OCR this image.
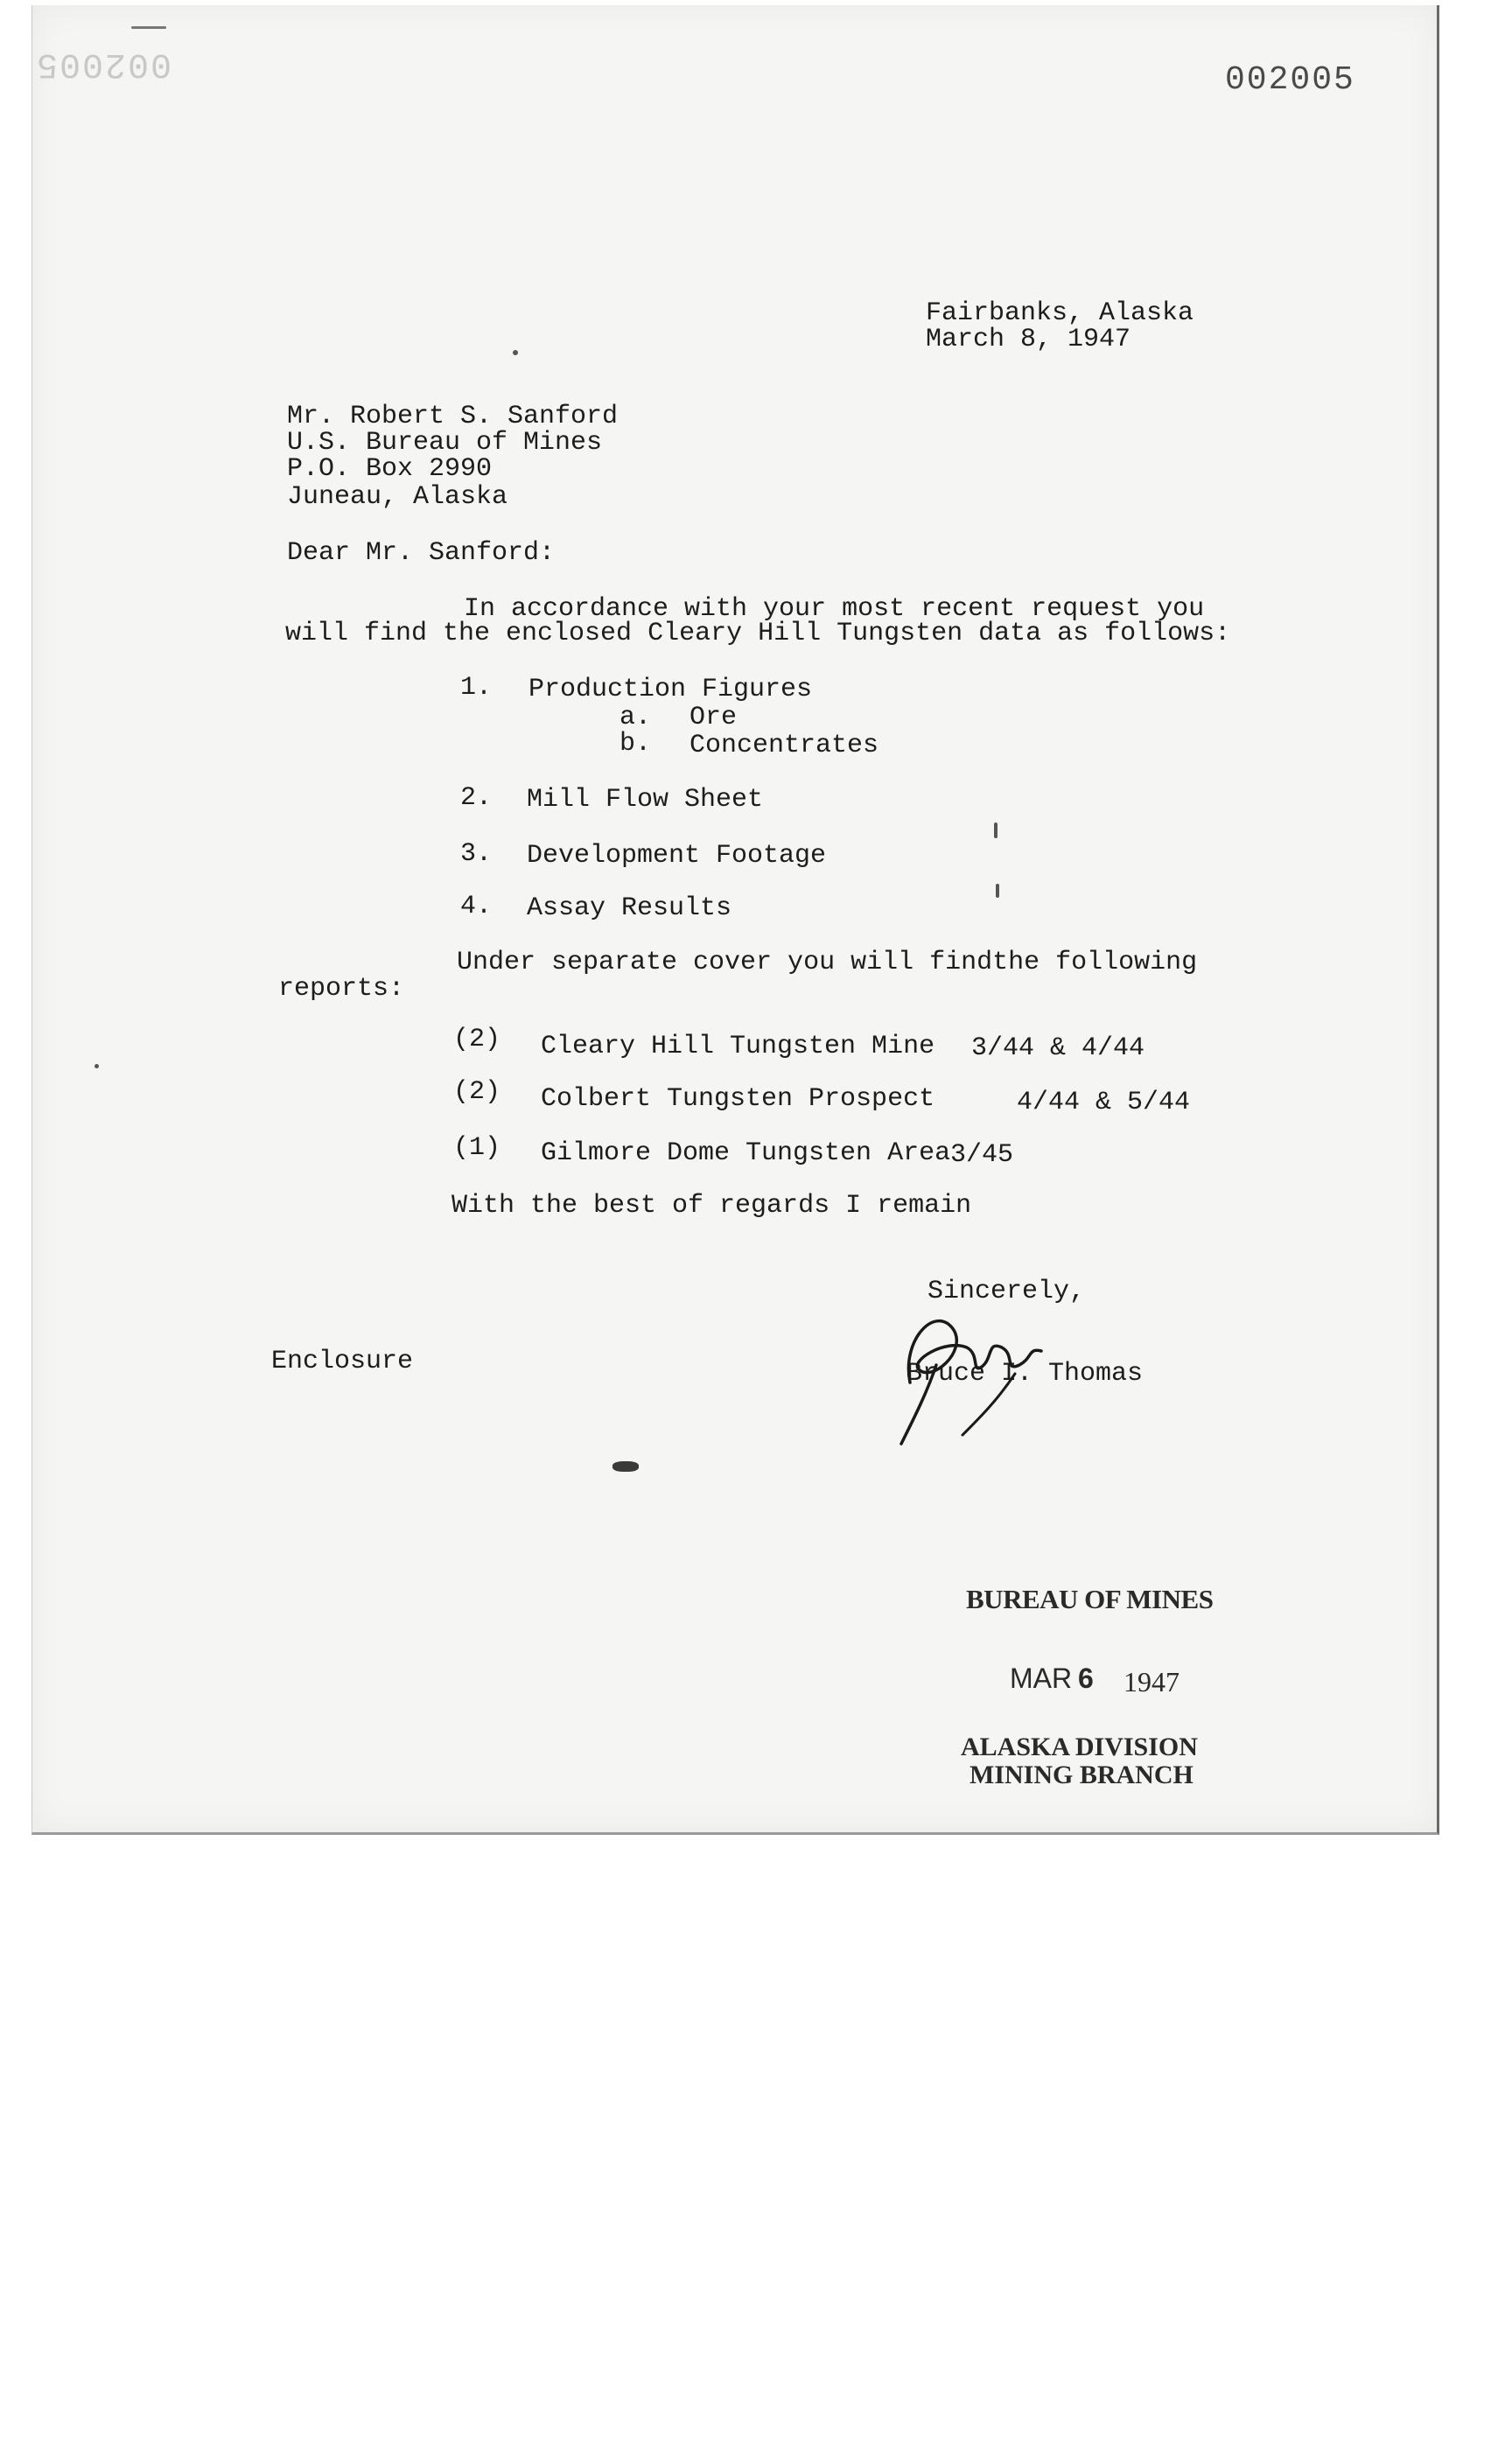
002005	002005
Fairbanks, Alaska
March 8, 1947
Mr. Robert S. Sanford
U.S. Bureau of Mines
P.O. Box 2990
Juneau, Alaska
Dear Mr. Sanford:
In accordance with your most recent request you
will find the enclosed Cleary Hill Tungsten data as follows:
1. Production Figures
a. Ore
b. Concentrates
2. Mill Flow Sheet
3. Development Footage
4. Assay Results
Under separate cover you will findthe following
reports:
(2) Cleary Hill Tungsten Mine 3/44 & 4/44
(2) Colbert Tungsten Prospect	4/44 & 5/44
(1) Gilmore Dome Tungsten Area 3/45
With the best of regards I remain
Sincerely,
Enclosure	Bruce I. Thomas
BUREAU OF MINES
MAR 6 1947
ALASKA DIVISION
MINING BRANCH
